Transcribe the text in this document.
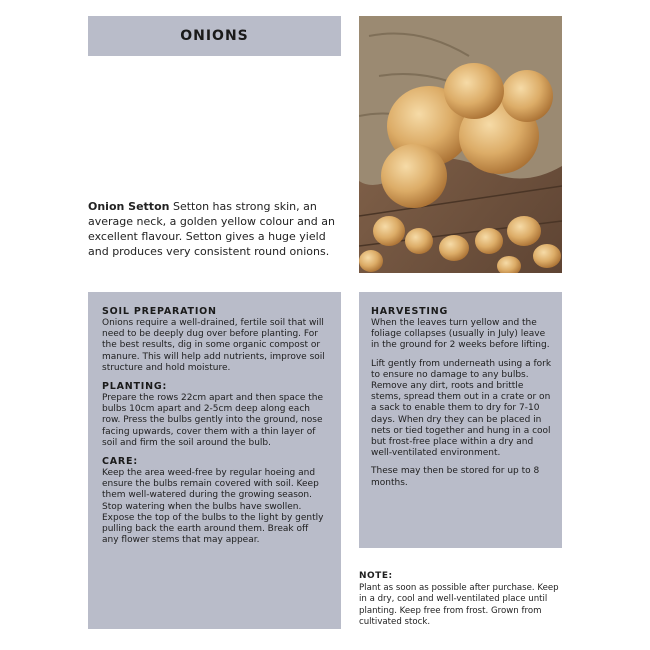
ONIONS
Onion Setton Setton has strong skin, an average neck, a golden yellow colour and an excellent flavour. Setton gives a huge yield and produces very consistent round onions.
SOIL PREPARATION

Onions require a well-drained, fertile soil that will need to be deeply dug over before planting. For the best results, dig in some organic compost or manure. This will help add nutrients, improve soil structure and hold moisture.

PLANTING:

Prepare the rows 22cm apart and then space the bulbs 10cm apart and 2-5cm deep along each row. Press the bulbs gently into the ground, nose facing upwards, cover them with a thin layer of soil and firm the soil around the bulb.

CARE:

Keep the area weed-free by regular hoeing and ensure the bulbs remain covered with soil. Keep them well-watered during the growing season. Stop watering when the bulbs have swollen. Expose the top of the bulbs to the light by gently pulling back the earth around them. Break off any flower stems that may appear.

HARVESTING

When the leaves turn yellow and the foliage collapses (usually in July) leave in the ground for 2 weeks before lifting.

Lift gently from underneath using a fork to ensure no damage to any bulbs. Remove any dirt, roots and brittle stems, spread them out in a crate or on a sack to enable them to dry for 7-10 days. When dry they can be placed in nets or tied together and hung in a cool but frost-free place within a dry and well-ventilated environment.

These may then be stored for up to 8 months.

NOTE:
Plant as soon as possible after purchase. Keep in a dry, cool and well-ventilated place until planting. Keep free from frost. Grown from cultivated stock.
